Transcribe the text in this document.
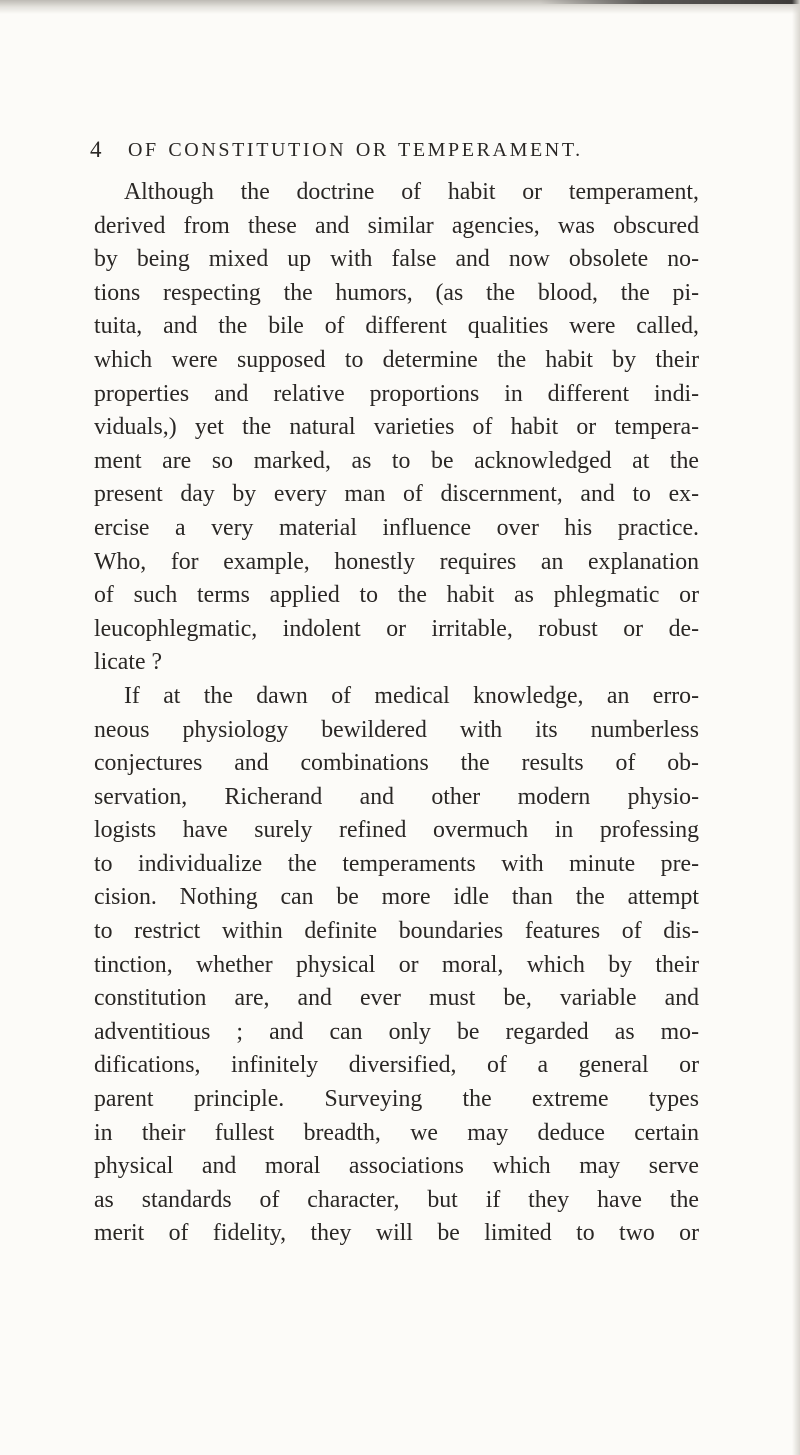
4 OF CONSTITUTION OR TEMPERAMENT.
Although the doctrine of habit or temperament,
derived from these and similar agencies, was obscured
by being mixed up with false and now obsolete no-
tions respecting the humors, (as the blood, the pi-
tuita, and the bile of different qualities were called,
which were supposed to determine the habit by their
properties and relative proportions in different indi-
viduals,) yet the natural varieties of habit or tempera-
ment are so marked, as to be acknowledged at the
present day by every man of discernment, and to ex-
ercise a very material influence over his practice.
Who, for example, honestly requires an explanation
of such terms applied to the habit as phlegmatic or
leucophlegmatic, indolent or irritable, robust or de-
licate ?
If at the dawn of medical knowledge, an erro-
neous physiology bewildered with its numberless
conjectures and combinations the results of ob-
servation, Richerand and other modern physio-
logists have surely refined overmuch in professing
to individualize the temperaments with minute pre-
cision. Nothing can be more idle than the attempt
to restrict within definite boundaries features of dis-
tinction, whether physical or moral, which by their
constitution are, and ever must be, variable and
adventitious ; and can only be regarded as mo-
difications, infinitely diversified, of a general or
parent principle. Surveying the extreme types
in their fullest breadth, we may deduce certain
physical and moral associations which may serve
as standards of character, but if they have the
merit of fidelity, they will be limited to two or
